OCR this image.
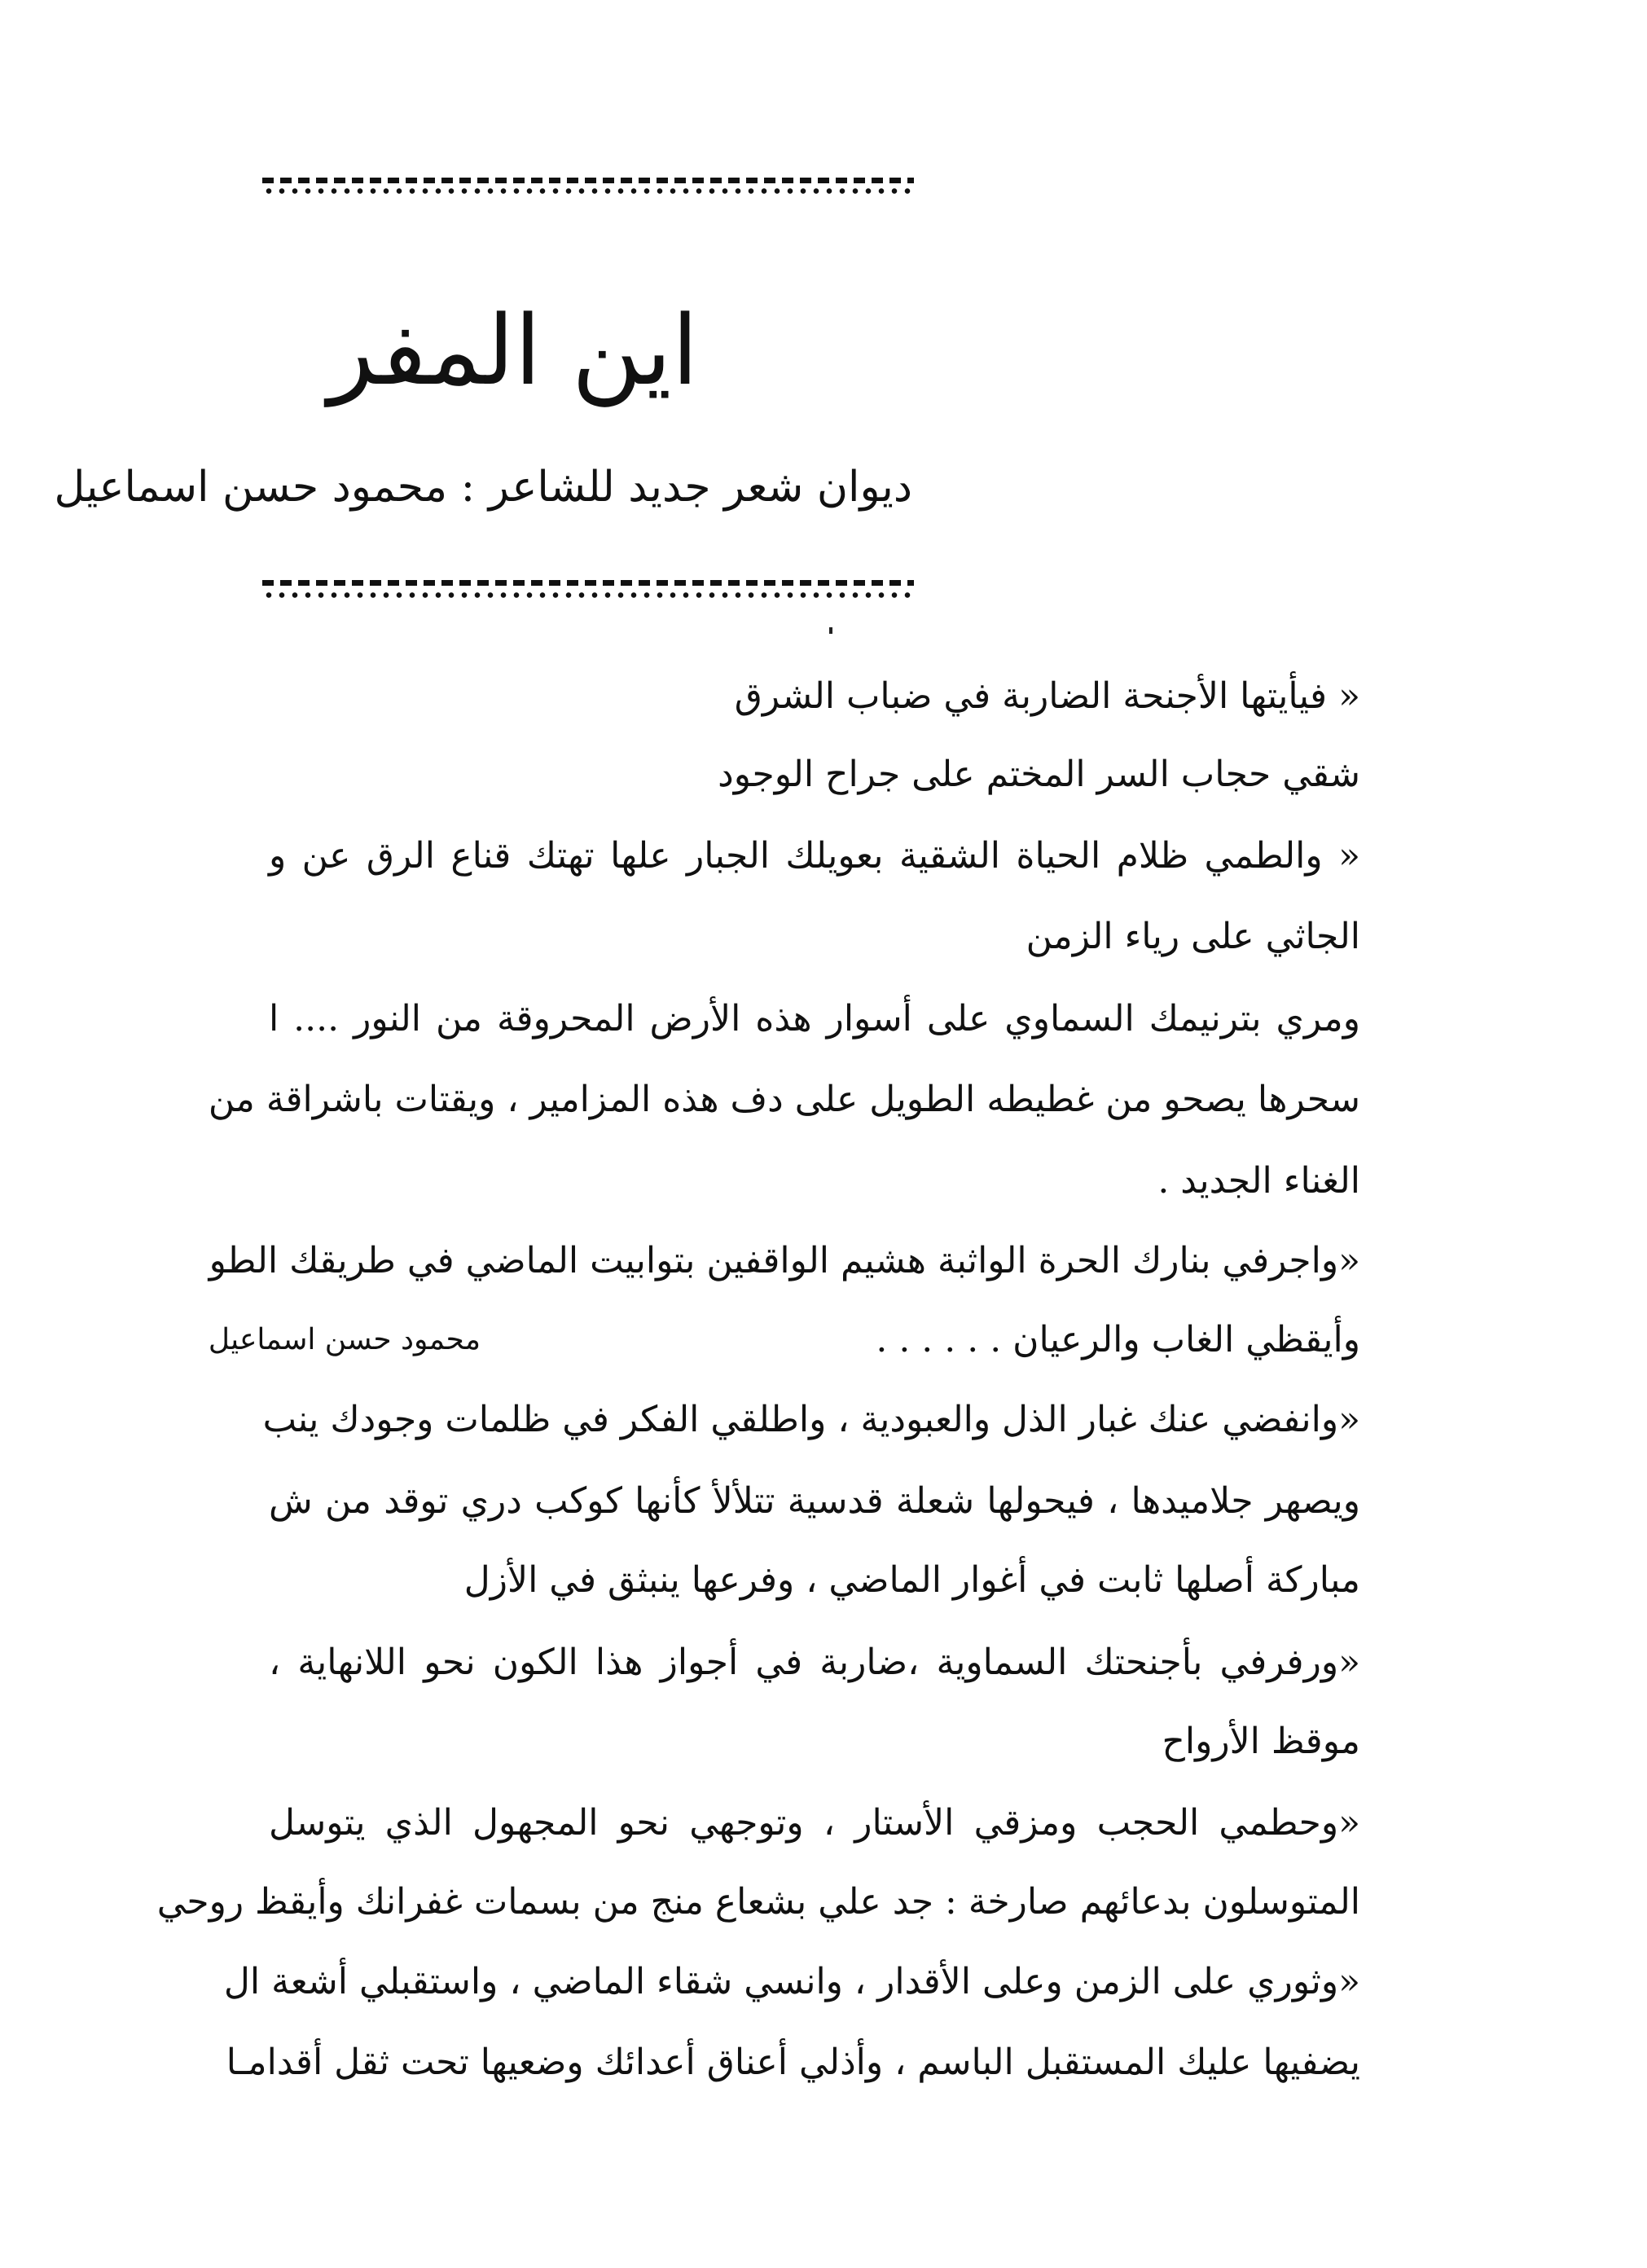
اين المفر
ديوان شعر جديد للشاعر : محمود حسن اسماعيل
« فيأيتها الأجنحة الضاربة في ضباب الشرق
شقي حجاب السر المختم على جراح الوجود
« والطمي ظلام الحياة الشقية بعويلك الجبار علها تهتك قناع الرق عن و
الجاثي على رياء الزمن
ومري بترنيمك السماوي على أسوار هذه الأرض المحروقة من النور .... ا
سحرها يصحو من غطيطه الطويل على دف هذه المزامير ، ويقتات باشراقة من
الغناء الجديد .
«واجرفي بنارك الحرة الواثبة هشيم الواقفين بتوابيت الماضي في طريقك الطو
وأيقظي الغاب والرعيان . . . . . .
محمود حسن اسماعيل
«وانفضي عنك غبار الذل والعبودية ، واطلقي الفكر في ظلمات وجودك ينب
ويصهر جلاميدها ، فيحولها شعلة قدسية تتلألأ كأنها كوكب دري توقد من ش
مباركة أصلها ثابت في أغوار الماضي ، وفرعها ينبثق في الأزل
«ورفرفي بأجنحتك السماوية ،ضاربة في أجواز هذا الكون نحو اللانهاية ،
موقظ الأرواح
«وحطمي الحجب ومزقي الأستار ، وتوجهي نحو المجهول الذي يتوسل
المتوسلون بدعائهم صارخة : جد علي بشعاع منج من بسمات غفرانك وأيقظ روحي
«وثوري على الزمن وعلى الأقدار ، وانسي شقاء الماضي ، واستقبلي أشعة ال
يضفيها عليك المستقبل الباسم ، وأذلي أعناق أعدائك وضعيها تحت ثقل أقدامـا
